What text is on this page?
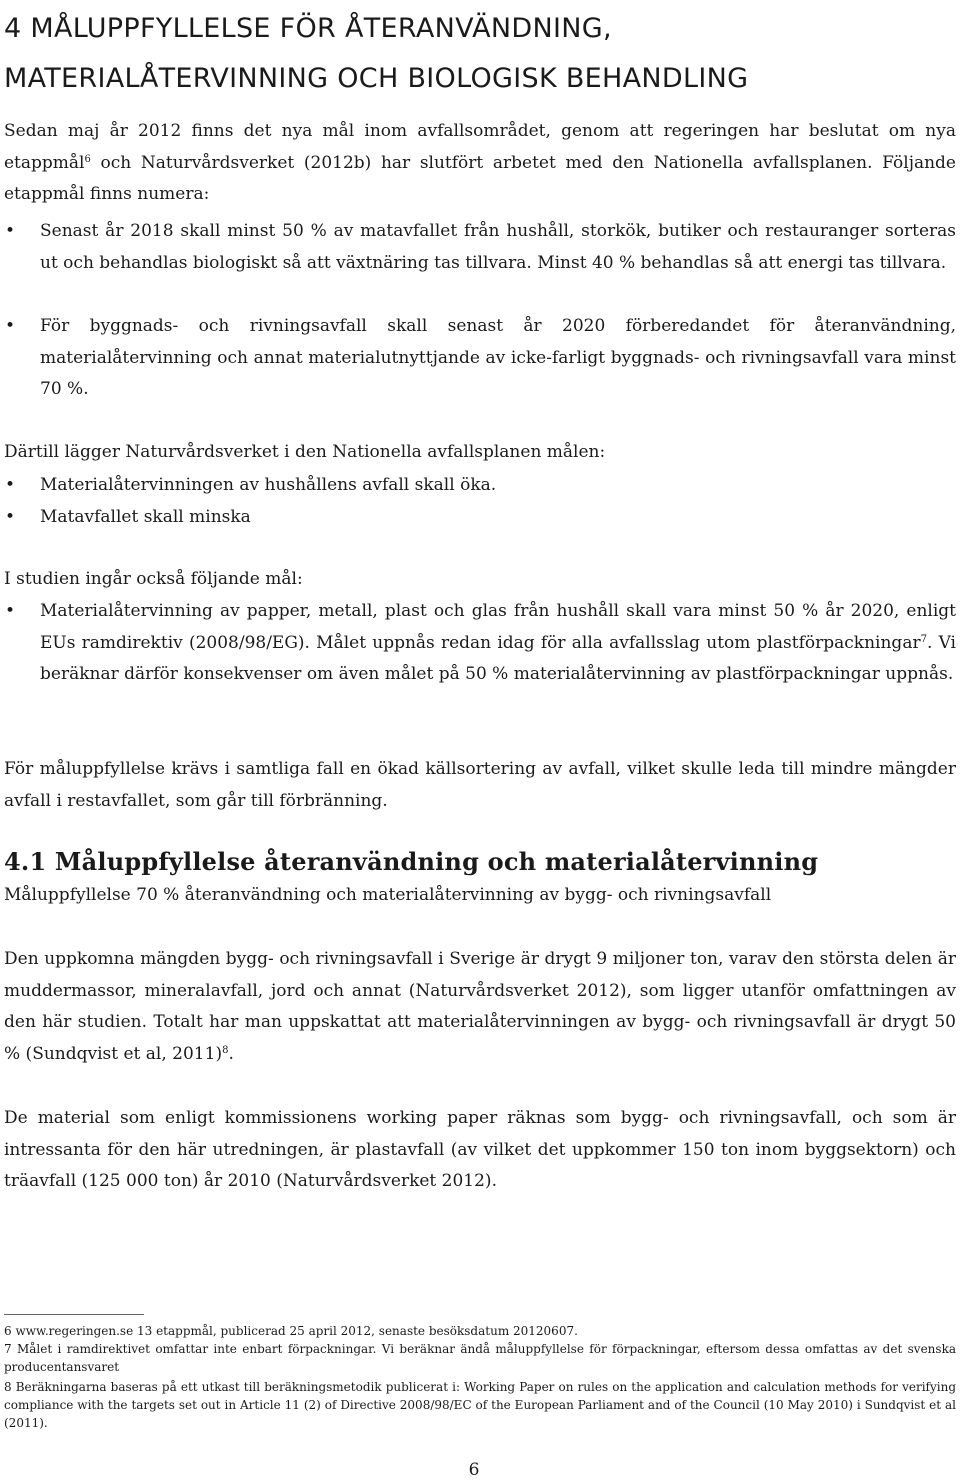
4 MÅLUPPFYLLELSE FÖR ÅTERANVÄNDNING,
MATERIALÅTERVINNING OCH BIOLOGISK BEHANDLING

Sedan maj år 2012 finns det nya mål inom avfallsområdet, genom att regeringen har beslutat om nya etappmål$^6$ och Naturvårdsverket (2012b) har slutfört arbetet med den Nationella avfallsplanen. Följande etappmål finns numera:

• Senast år 2018 skall minst 50 % av matavfallet från hushåll, storkök, butiker och restauranger sorteras ut och behandlas biologiskt så att växtnäring tas tillvara. Minst 40 % behandlas så att energi tas tillvara.

• För byggnads- och rivningsavfall skall senast år 2020 förberedandet för återanvändning, materialåtervinning och annat materialutnyttjande av icke-farligt byggnads- och rivningsavfall vara minst 70 %.

Därtill lägger Naturvårdsverket i den Nationella avfallsplanen målen:

• Materialåtervinningen av hushållens avfall skall öka.

• Matavfallet skall minska

I studien ingår också följande mål:

• Materialåtervinning av papper, metall, plast och glas från hushåll skall vara minst 50 % år 2020, enligt EUs ramdirektiv (2008/98/EG). Målet uppnås redan idag för alla avfallsslag utom plastförpackningar$^7$. Vi beräknar därför konsekvenser om även målet på 50 % materialåtervinning av plastförpackningar uppnås.

För måluppfyllelse krävs i samtliga fall en ökad källsortering av avfall, vilket skulle leda till mindre mängder avfall i restavfallet, som går till förbränning.

4.1 Måluppfyllelse återanvändning och materialåtervinning

Måluppfyllelse 70 % återanvändning och materialåtervinning av bygg- och rivningsavfall

Den uppkomna mängden bygg- och rivningsavfall i Sverige är drygt 9 miljoner ton, varav den största delen är muddermassor, mineralavfall, jord och annat (Naturvårdsverket 2012), som ligger utanför omfattningen av den här studien. Totalt har man uppskattat att materialåtervinningen av bygg- och rivningsavfall är drygt 50 % (Sundqvist et al, 2011)$^8$.

De material som enligt kommissionens working paper räknas som bygg- och rivningsavfall, och som är intressanta för den här utredningen, är plastavfall (av vilket det uppkommer 150 ton inom byggsektorn) och träavfall (125 000 ton) år 2010 (Naturvårdsverket 2012).

6 www.regeringen.se 13 etappmål, publicerad 25 april 2012, senaste besöksdatum 20120607.
7 Målet i ramdirektivet omfattar inte enbart förpackningar. Vi beräknar ändå måluppfyllelse för förpackningar, eftersom dessa omfattas av det svenska producentansvaret
8 Beräkningarna baseras på ett utkast till beräkningsmetodik publicerat i: Working Paper on rules on the application and calculation methods for verifying compliance with the targets set out in Article 11 (2) of Directive 2008/98/EC of the European Parliament and of the Council (10 May 2010) i Sundqvist et al (2011).
6
